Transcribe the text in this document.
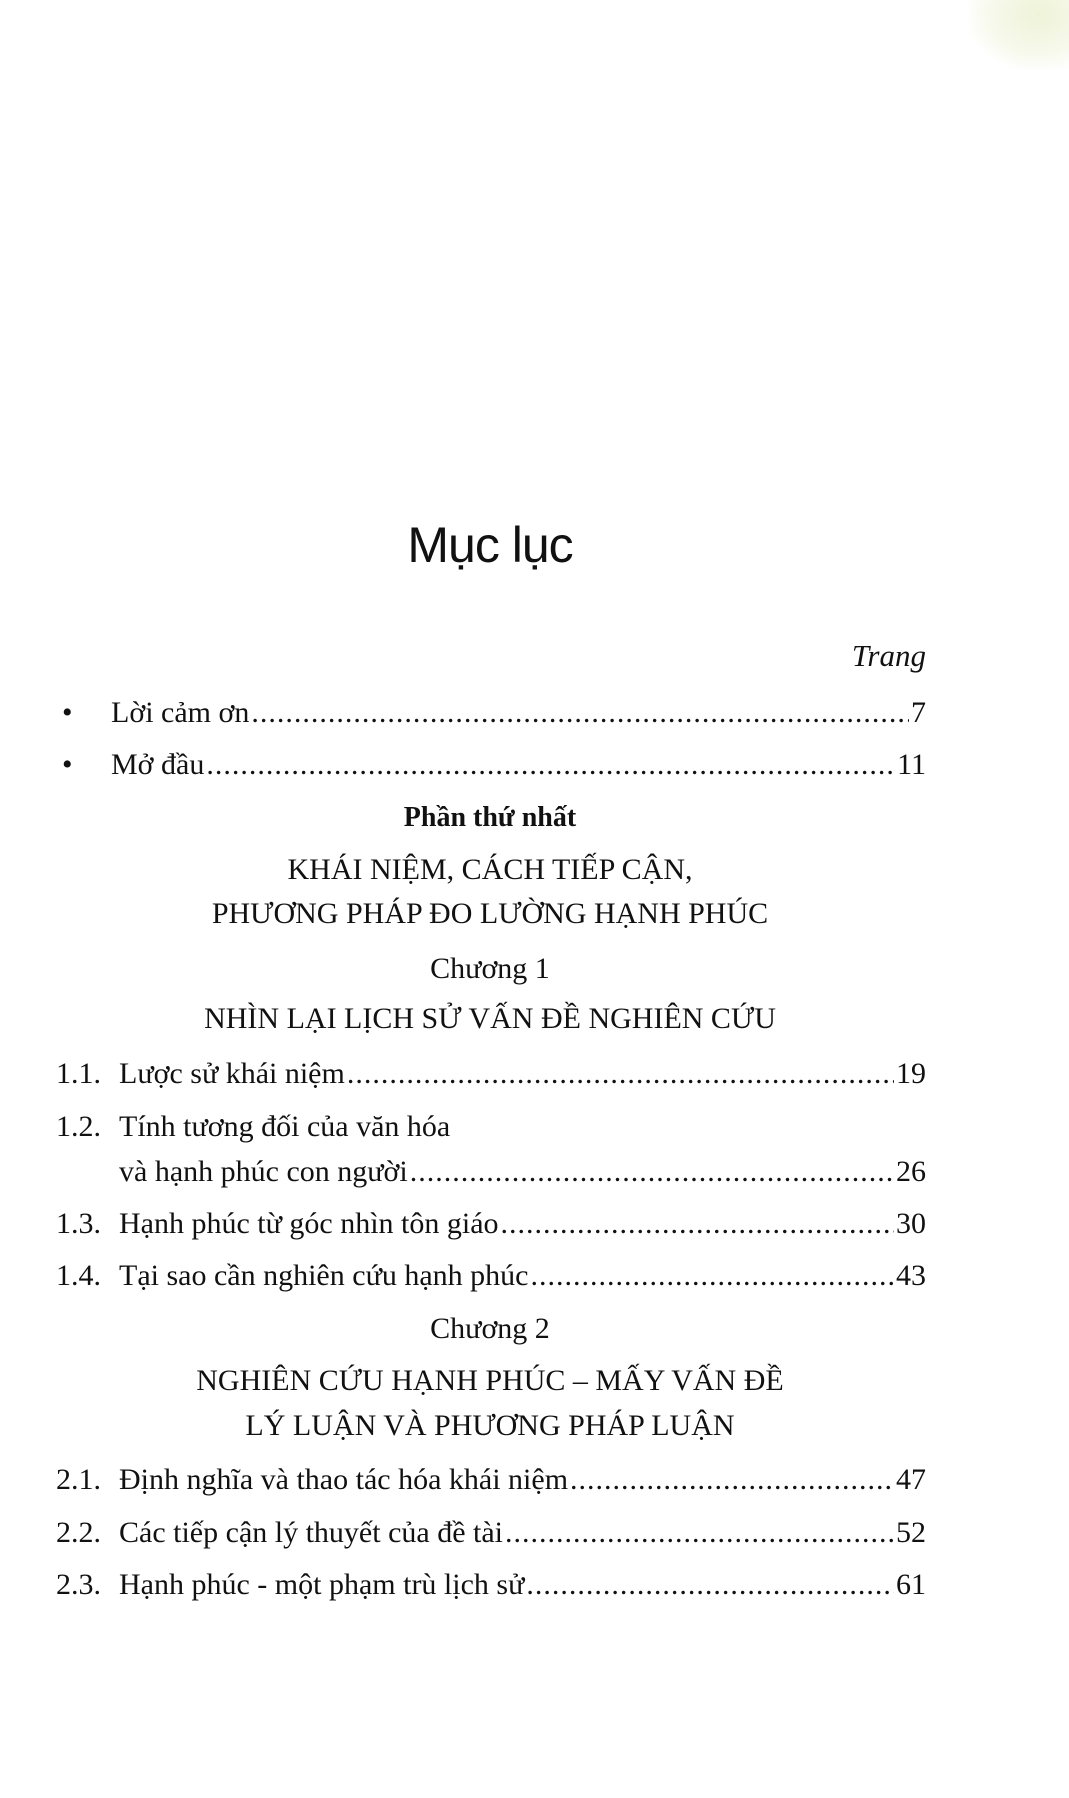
Mục lục
Trang
•	Lời cảm ơn .....	7
•	Mở đầu .....	11
Phần thứ nhất
KHÁI NIỆM, CÁCH TIẾP CẬN,
PHƯƠNG PHÁP ĐO LƯỜNG HẠNH PHÚC
Chương 1
NHÌN LẠI LỊCH SỬ VẤN ĐỀ NGHIÊN CỨU
1.1. Lược sử khái niệm .....	19
1.2. Tính tương đối của văn hóa
và hạnh phúc con người .....	26
1.3. Hạnh phúc từ góc nhìn tôn giáo .....	30
1.4. Tại sao cần nghiên cứu hạnh phúc .....	43
Chương 2
NGHIÊN CỨU HẠNH PHÚC – MẤY VẤN ĐỀ
LÝ LUẬN VÀ PHƯƠNG PHÁP LUẬN
2.1. Định nghĩa và thao tác hóa khái niệm .....	47
2.2. Các tiếp cận lý thuyết của đề tài .....	52
2.3. Hạnh phúc - một phạm trù lịch sử .....	61
